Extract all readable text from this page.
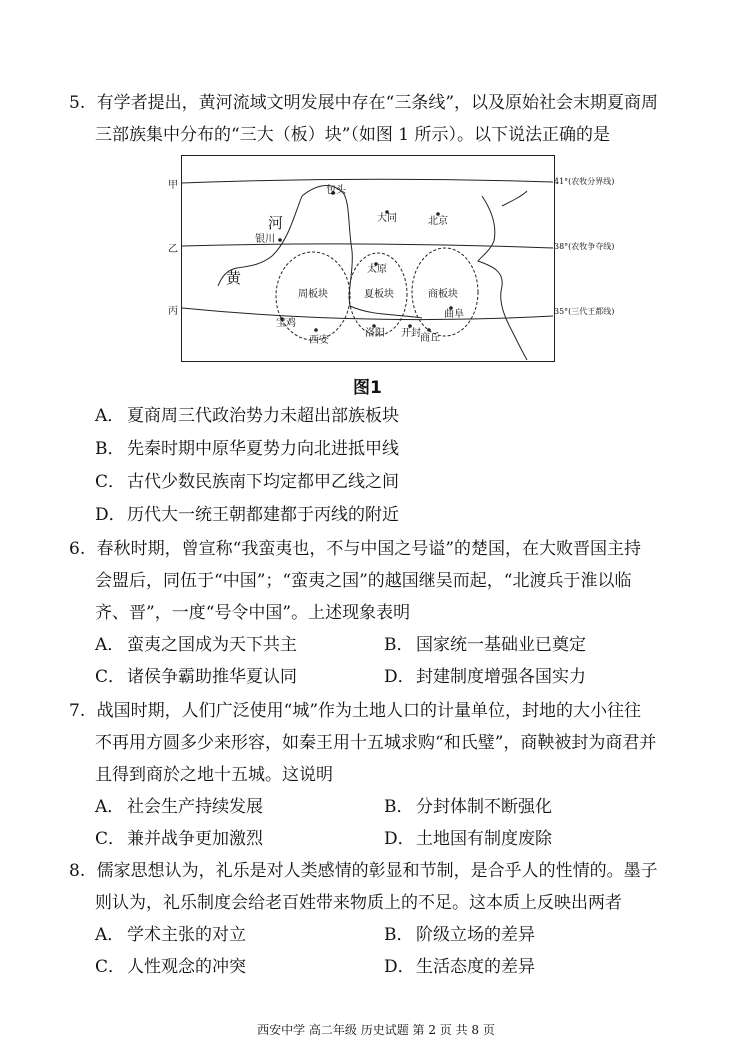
5. 有学者提出，黄河流域文明发展中存在“三条线”，以及原始社会末期夏商周
三部族集中分布的“三大（板）块”（如图 1 所示）。以下说法正确的是
包头
大同	北京
银川
太原
曲阜
宝鸡
洛阳 开封 商丘
西安
周板块	夏板块	商板块
河
黄
41°(农牧分界线)
38°(农牧争夺线)
35°(三代王都线)
甲
乙
丙
图1
A． 夏商周三代政治势力未超出部族板块
B． 先秦时期中原华夏势力向北进抵甲线
C． 古代少数民族南下均定都甲乙线之间
D．历代大一统王朝都建都于丙线的附近
6. 春秋时期，曾宣称“我蛮夷也，不与中国之号谥”的楚国，在大败晋国主持
会盟后，同伍于“中国”；“蛮夷之国”的越国继吴而起，“北渡兵于淮以临
齐、晋”，一度“号令中国”。上述现象表明
A． 蛮夷之国成为天下共主	B． 国家统一基础业已奠定
C． 诸侯争霸助推华夏认同	D．封建制度增强各国实力
7. 战国时期，人们广泛使用“城”作为土地人口的计量单位，封地的大小往往
不再用方圆多少来形容，如秦王用十五城求购“和氏璧”，商鞅被封为商君并
且得到商於之地十五城。这说明
A． 社会生产持续发展	B． 分封体制不断强化
C． 兼并战争更加激烈	D．土地国有制度废除
8. 儒家思想认为，礼乐是对人类感情的彰显和节制，是合乎人的性情的。墨子
则认为，礼乐制度会给老百姓带来物质上的不足。这本质上反映出两者
A． 学术主张的对立	B． 阶级立场的差异
C． 人性观念的冲突	D．生活态度的差异
西安中学 高二年级 历史试题 第 2 页 共 8 页
